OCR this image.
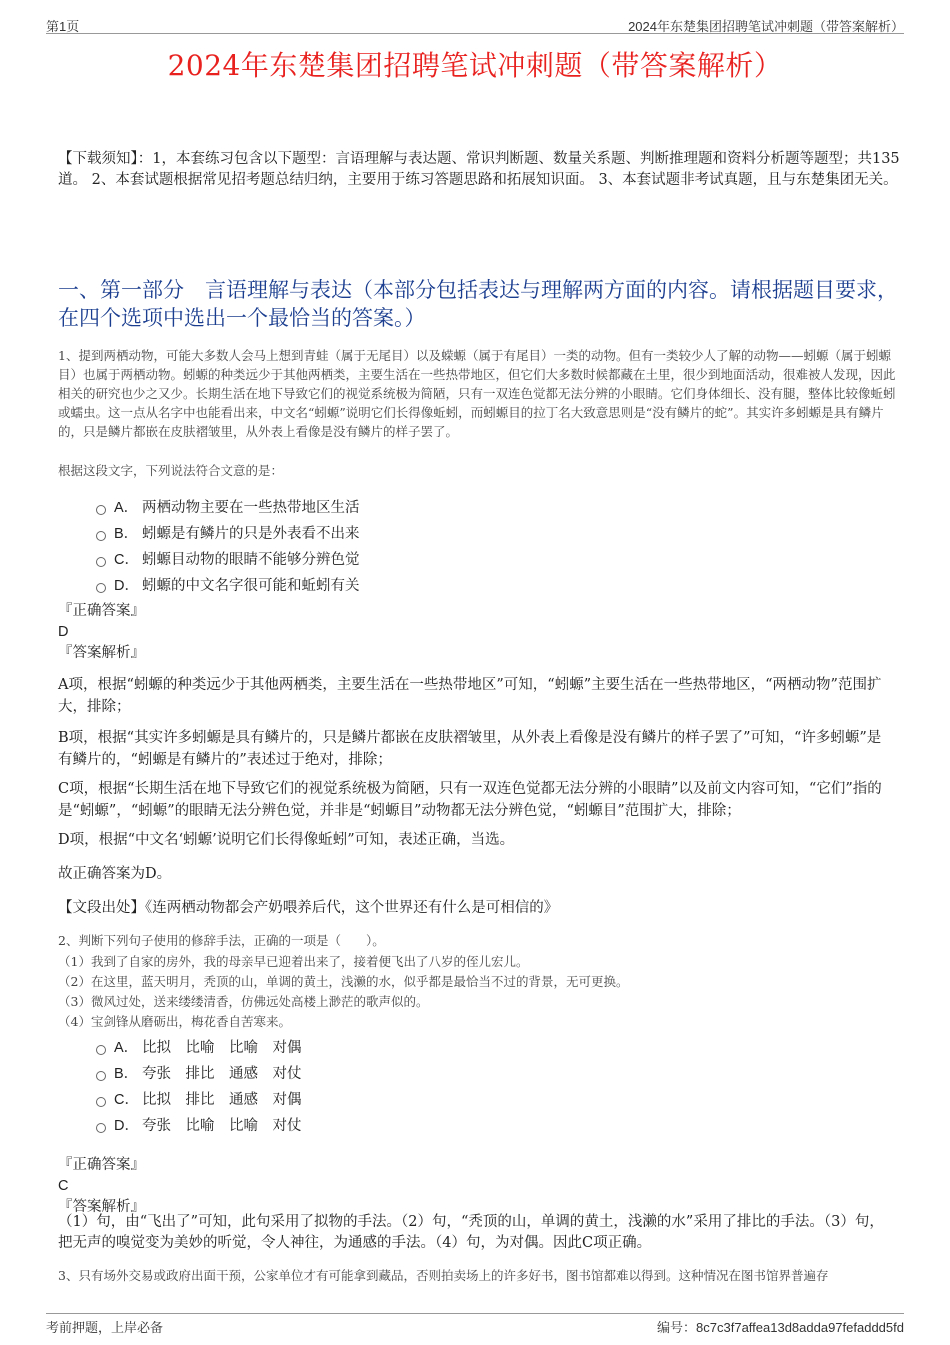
第1页	2024年东楚集团招聘笔试冲刺题（带答案解析）
2024年东楚集团招聘笔试冲刺题（带答案解析）
【下载须知】：1，本套练习包含以下题型：言语理解与表达题、常识判断题、数量关系题、判断推理题和资料分析题等题型；共135道。 2、本套试题根据常见招考题总结归纳，主要用于练习答题思路和拓展知识面。 3、本套试题非考试真题，且与东楚集团无关。
一、第一部分　言语理解与表达（本部分包括表达与理解两方面的内容。请根据题目要求，在四个选项中选出一个最恰当的答案。）
1、提到两栖动物，可能大多数人会马上想到青蛙（属于无尾目）以及蝾螈（属于有尾目）一类的动物。但有一类较少人了解的动物——蚓螈（属于蚓螈目）也属于两栖动物。蚓螈的种类远少于其他两栖类，主要生活在一些热带地区，但它们大多数时候都藏在土里，很少到地面活动，很难被人发现，因此相关的研究也少之又少。长期生活在地下导致它们的视觉系统极为简陋，只有一双连色觉都无法分辨的小眼睛。它们身体细长、没有腿，整体比较像蚯蚓或蠕虫。这一点从名字中也能看出来，中文名“蚓螈”说明它们长得像蚯蚓，而蚓螈目的拉丁名大致意思则是“没有鳞片的蛇”。其实许多蚓螈是具有鳞片的，只是鳞片都嵌在皮肤褶皱里，从外表上看像是没有鳞片的样子罢了。
根据这段文字，下列说法符合文意的是：
A． 两栖动物主要在一些热带地区生活
B． 蚓螈是有鳞片的只是外表看不出来
C． 蚓螈目动物的眼睛不能够分辨色觉
D． 蚓螈的中文名字很可能和蚯蚓有关
『正确答案』
D
『答案解析』
A项，根据“蚓螈的种类远少于其他两栖类，主要生活在一些热带地区”可知，“蚓螈”主要生活在一些热带地区，“两栖动物”范围扩大，排除；
B项，根据“其实许多蚓螈是具有鳞片的，只是鳞片都嵌在皮肤褶皱里，从外表上看像是没有鳞片的样子罢了”可知，“许多蚓螈”是有鳞片的，“蚓螈是有鳞片的”表述过于绝对，排除；
C项，根据“长期生活在地下导致它们的视觉系统极为简陋，只有一双连色觉都无法分辨的小眼睛”以及前文内容可知，“它们”指的是“蚓螈”，“蚓螈”的眼睛无法分辨色觉，并非是“蚓螈目”动物都无法分辨色觉，“蚓螈目”范围扩大，排除；
D项，根据“中文名‘蚓螈’说明它们长得像蚯蚓”可知，表述正确，当选。
故正确答案为D。
【文段出处】《连两栖动物都会产奶喂养后代，这个世界还有什么是可相信的》
2、判断下列句子使用的修辞手法，正确的一项是（　　）。
（1）我到了自家的房外，我的母亲早已迎着出来了，接着便飞出了八岁的侄儿宏儿。
（2）在这里，蓝天明月，秃顶的山，单调的黄土，浅濑的水，似乎都是最恰当不过的背景，无可更换。
（3）微风过处，送来缕缕清香，仿佛远处高楼上渺茫的歌声似的。
（4）宝剑锋从磨砺出，梅花香自苦寒来。
A． 比拟　比喻　比喻　对偶
B． 夸张　排比　通感　对仗
C． 比拟　排比　通感　对偶
D． 夸张　比喻　比喻　对仗
『正确答案』
C
『答案解析』
（1）句，由“飞出了”可知，此句采用了拟物的手法。（2）句，“秃顶的山，单调的黄土，浅濑的水”采用了排比的手法。（3）句，把无声的嗅觉变为美妙的听觉，令人神往，为通感的手法。（4）句，为对偶。因此C项正确。
3、只有场外交易或政府出面干预，公家单位才有可能拿到藏品，否则拍卖场上的许多好书，图书馆都难以得到。这种情况在图书馆界普遍存
考前押题，上岸必备	编号：8c7c3f7affea13d8adda97fefaddd5fd
